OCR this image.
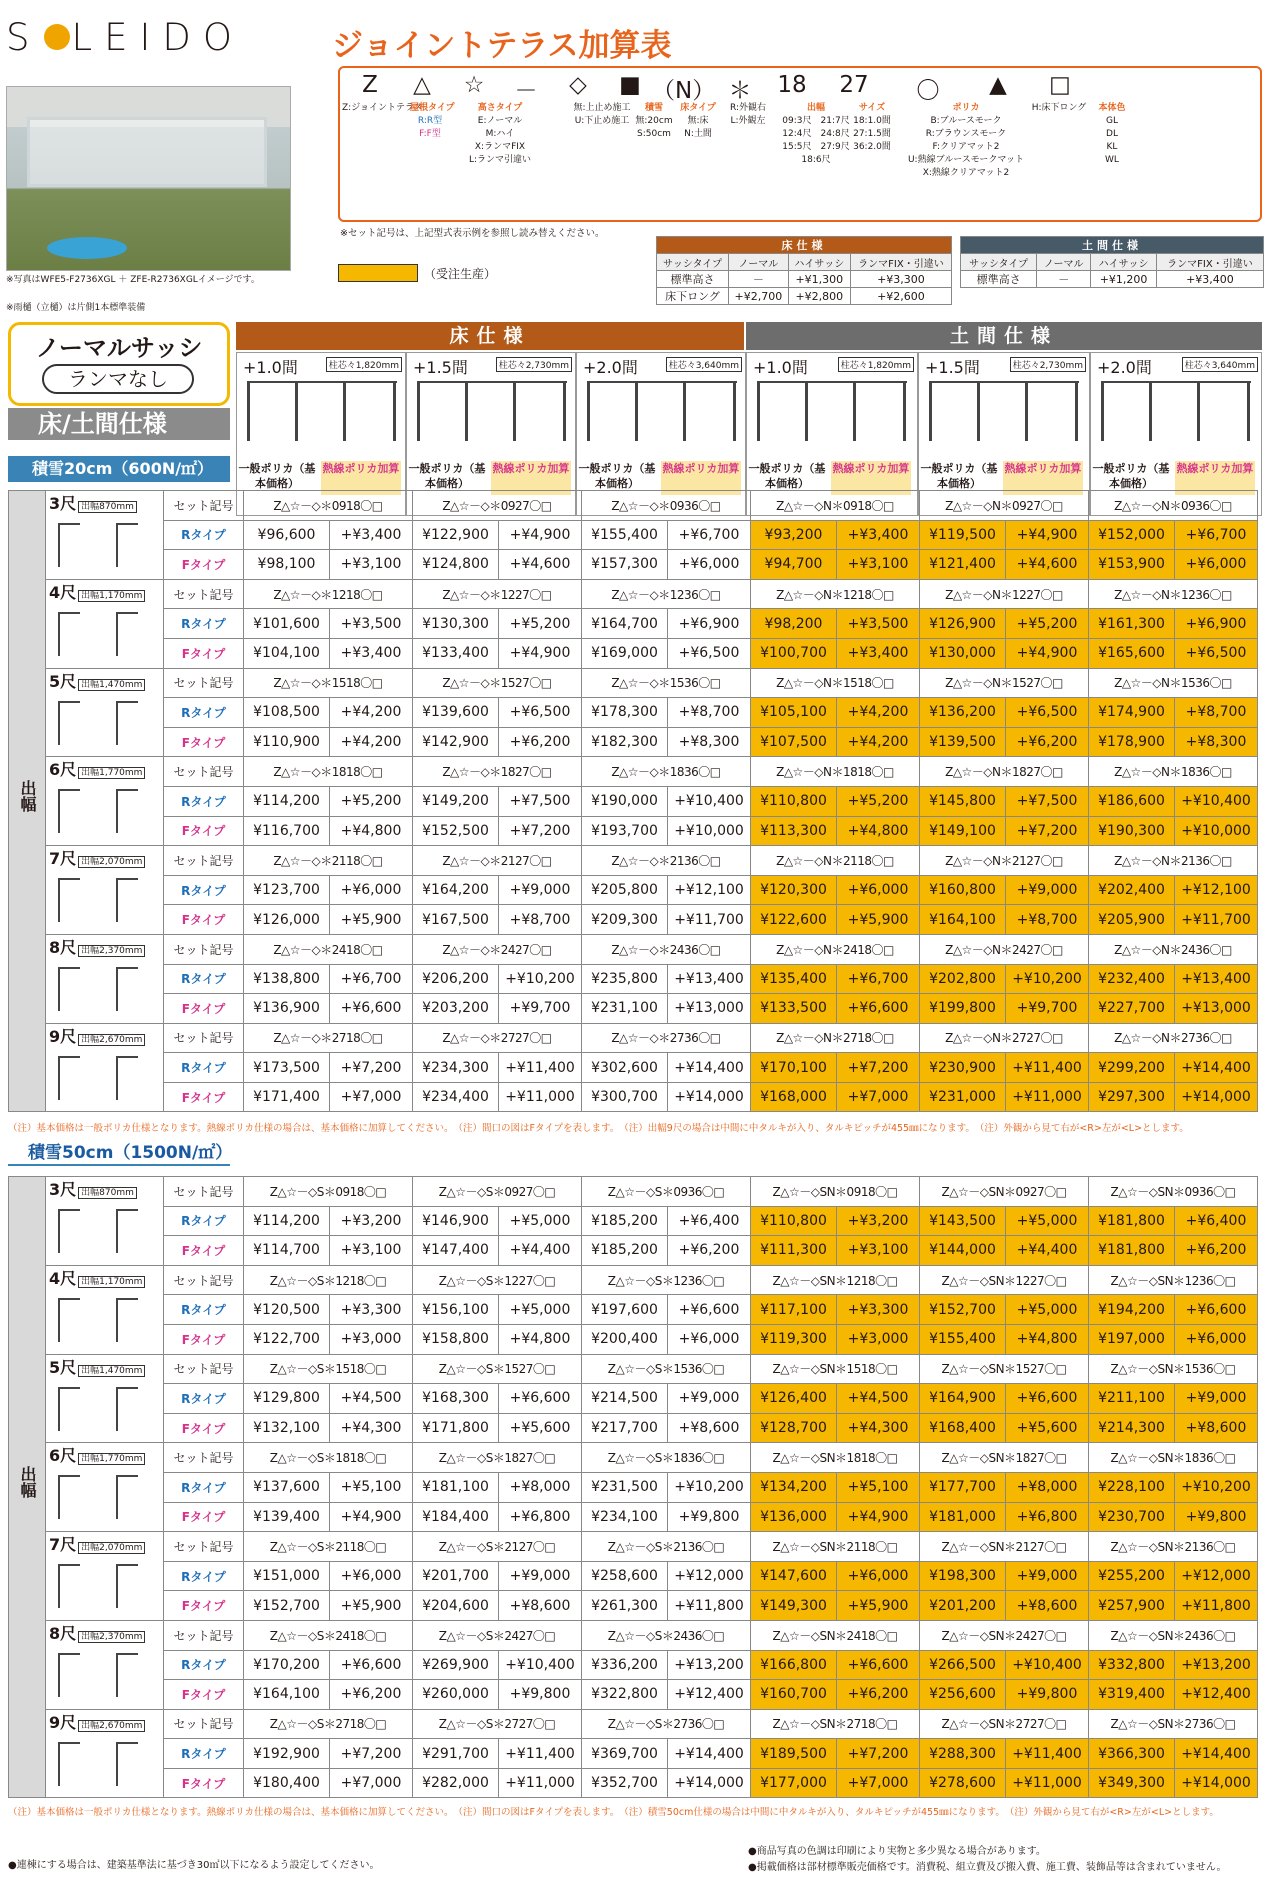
S LEIDO	ジョイントテラス加算表
※写真はWFE5-F2736XGL ＋ ZFE-R2736XGLイメージです。
※雨樋（立樋）は片側1本標準装備
Z	△ ☆ － ◇ ■ （N） ＊ 18 27 〇 ▲ □
Z:ジョイントテラス
屋根タイプ
R:R型
F:F型
高さタイプ
E:ノーマル
M:ハイ
X:ランマFIX
L:ランマ引違い
無:上止め施工
U:下止め施工
積雪
無:20cm
S:50cm
床タイプ
無:床
N:土間
R:外観右
L:外観左
出幅
09:3尺　21:7尺
12:4尺　24:8尺
15:5尺　27:9尺
18:6尺
サイズ
18:1.0間
27:1.5間
36:2.0間
ポリカ
B:ブルースモーク
R:ブラウンスモーク
F:クリアマット2
U:熱線ブルースモークマット
X:熱線クリアマット2
H:床下ロング	本体色
GL
DL
KL
WL
※セット記号は、上記型式表示例を参照し読み替えください。
（受注生産）
床仕様			
サッシタイプ	ノーマル	ハイサッシ	ランマFIX・引違い
標準高さ	－	+¥1,300	+¥3,300
床下ロング	+¥2,700	+¥2,800	+¥2,600
土間仕様			
サッシタイプ	ノーマル	ハイサッシ	ランマFIX・引違い
標準高さ	－	+¥1,200	+¥3,400
ノーマルサッシ
ランマなし
床/土間仕様
床仕様	土間仕様
+1.0間	柱芯々1,820mm
一般ポリカ（基本価格）
熱線ポリカ加算
+1.5間	柱芯々2,730mm
一般ポリカ（基本価格）
熱線ポリカ加算
+2.0間	柱芯々3,640mm
一般ポリカ（基本価格）
熱線ポリカ加算
+1.0間	柱芯々1,820mm
一般ポリカ（基本価格）
熱線ポリカ加算
+1.5間	柱芯々2,730mm
一般ポリカ（基本価格）
熱線ポリカ加算
+2.0間	柱芯々3,640mm
一般ポリカ（基本価格）
熱線ポリカ加算
積雪20cm（600N/㎡）
出幅	3尺 出幅870mm	セット記号	Z△☆－◇＊0918〇□		Z△☆－◇＊0927〇□		Z△☆－◇＊0936〇□		Z△☆－◇N＊0918〇□		Z△☆－◇N＊0927〇□		Z△☆－◇N＊0936〇□	
		Rタイプ	¥96,600	+¥3,400	¥122,900	+¥4,900	¥155,400	+¥6,700	¥93,200	+¥3,400	¥119,500	+¥4,900	¥152,000	+¥6,700
		Fタイプ	¥98,100	+¥3,100	¥124,800	+¥4,600	¥157,300	+¥6,000	¥94,700	+¥3,100	¥121,400	+¥4,600	¥153,900	+¥6,000
	4尺 出幅1,170mm	セット記号	Z△☆－◇＊1218〇□		Z△☆－◇＊1227〇□		Z△☆－◇＊1236〇□		Z△☆－◇N＊1218〇□		Z△☆－◇N＊1227〇□		Z△☆－◇N＊1236〇□	
		Rタイプ	¥101,600	+¥3,500	¥130,300	+¥5,200	¥164,700	+¥6,900	¥98,200	+¥3,500	¥126,900	+¥5,200	¥161,300	+¥6,900
		Fタイプ	¥104,100	+¥3,400	¥133,400	+¥4,900	¥169,000	+¥6,500	¥100,700	+¥3,400	¥130,000	+¥4,900	¥165,600	+¥6,500
	5尺 出幅1,470mm	セット記号	Z△☆－◇＊1518〇□		Z△☆－◇＊1527〇□		Z△☆－◇＊1536〇□		Z△☆－◇N＊1518〇□		Z△☆－◇N＊1527〇□		Z△☆－◇N＊1536〇□	
		Rタイプ	¥108,500	+¥4,200	¥139,600	+¥6,500	¥178,300	+¥8,700	¥105,100	+¥4,200	¥136,200	+¥6,500	¥174,900	+¥8,700
		Fタイプ	¥110,900	+¥4,200	¥142,900	+¥6,200	¥182,300	+¥8,300	¥107,500	+¥4,200	¥139,500	+¥6,200	¥178,900	+¥8,300
	6尺 出幅1,770mm	セット記号	Z△☆－◇＊1818〇□		Z△☆－◇＊1827〇□		Z△☆－◇＊1836〇□		Z△☆－◇N＊1818〇□		Z△☆－◇N＊1827〇□		Z△☆－◇N＊1836〇□	
		Rタイプ	¥114,200	+¥5,200	¥149,200	+¥7,500	¥190,000	+¥10,400	¥110,800	+¥5,200	¥145,800	+¥7,500	¥186,600	+¥10,400
		Fタイプ	¥116,700	+¥4,800	¥152,500	+¥7,200	¥193,700	+¥10,000	¥113,300	+¥4,800	¥149,100	+¥7,200	¥190,300	+¥10,000
	7尺 出幅2,070mm	セット記号	Z△☆－◇＊2118〇□		Z△☆－◇＊2127〇□		Z△☆－◇＊2136〇□		Z△☆－◇N＊2118〇□		Z△☆－◇N＊2127〇□		Z△☆－◇N＊2136〇□	
		Rタイプ	¥123,700	+¥6,000	¥164,200	+¥9,000	¥205,800	+¥12,100	¥120,300	+¥6,000	¥160,800	+¥9,000	¥202,400	+¥12,100
		Fタイプ	¥126,000	+¥5,900	¥167,500	+¥8,700	¥209,300	+¥11,700	¥122,600	+¥5,900	¥164,100	+¥8,700	¥205,900	+¥11,700
	8尺 出幅2,370mm	セット記号	Z△☆－◇＊2418〇□		Z△☆－◇＊2427〇□		Z△☆－◇＊2436〇□		Z△☆－◇N＊2418〇□		Z△☆－◇N＊2427〇□		Z△☆－◇N＊2436〇□	
		Rタイプ	¥138,800	+¥6,700	¥206,200	+¥10,200	¥235,800	+¥13,400	¥135,400	+¥6,700	¥202,800	+¥10,200	¥232,400	+¥13,400
		Fタイプ	¥136,900	+¥6,600	¥203,200	+¥9,700	¥231,100	+¥13,000	¥133,500	+¥6,600	¥199,800	+¥9,700	¥227,700	+¥13,000
	9尺 出幅2,670mm	セット記号	Z△☆－◇＊2718〇□		Z△☆－◇＊2727〇□		Z△☆－◇＊2736〇□		Z△☆－◇N＊2718〇□		Z△☆－◇N＊2727〇□		Z△☆－◇N＊2736〇□	
		Rタイプ	¥173,500	+¥7,200	¥234,300	+¥11,400	¥302,600	+¥14,400	¥170,100	+¥7,200	¥230,900	+¥11,400	¥299,200	+¥14,400
		Fタイプ	¥171,400	+¥7,000	¥234,400	+¥11,000	¥300,700	+¥14,000	¥168,000	+¥7,000	¥231,000	+¥11,000	¥297,300	+¥14,000
（注）基本価格は一般ポリカ仕様となります。熱線ポリカ仕様の場合は、基本価格に加算してください。　（注）間口の図はFタイプを表します。　（注）出幅9尺の場合は中間に中タルキが入り、タルキピッチが455㎜になります。　（注）外観から見て右が<R>左が<L>とします。
積雪50cm（1500N/㎡）
出幅	3尺 出幅870mm	セット記号	Z△☆－◇S＊0918〇□		Z△☆－◇S＊0927〇□		Z△☆－◇S＊0936〇□		Z△☆－◇SN＊0918〇□		Z△☆－◇SN＊0927〇□		Z△☆－◇SN＊0936〇□	
		Rタイプ	¥114,200	+¥3,200	¥146,900	+¥5,000	¥185,200	+¥6,400	¥110,800	+¥3,200	¥143,500	+¥5,000	¥181,800	+¥6,400
		Fタイプ	¥114,700	+¥3,100	¥147,400	+¥4,400	¥185,200	+¥6,200	¥111,300	+¥3,100	¥144,000	+¥4,400	¥181,800	+¥6,200
	4尺 出幅1,170mm	セット記号	Z△☆－◇S＊1218〇□		Z△☆－◇S＊1227〇□		Z△☆－◇S＊1236〇□		Z△☆－◇SN＊1218〇□		Z△☆－◇SN＊1227〇□		Z△☆－◇SN＊1236〇□	
		Rタイプ	¥120,500	+¥3,300	¥156,100	+¥5,000	¥197,600	+¥6,600	¥117,100	+¥3,300	¥152,700	+¥5,000	¥194,200	+¥6,600
		Fタイプ	¥122,700	+¥3,000	¥158,800	+¥4,800	¥200,400	+¥6,000	¥119,300	+¥3,000	¥155,400	+¥4,800	¥197,000	+¥6,000
	5尺 出幅1,470mm	セット記号	Z△☆－◇S＊1518〇□		Z△☆－◇S＊1527〇□		Z△☆－◇S＊1536〇□		Z△☆－◇SN＊1518〇□		Z△☆－◇SN＊1527〇□		Z△☆－◇SN＊1536〇□	
		Rタイプ	¥129,800	+¥4,500	¥168,300	+¥6,600	¥214,500	+¥9,000	¥126,400	+¥4,500	¥164,900	+¥6,600	¥211,100	+¥9,000
		Fタイプ	¥132,100	+¥4,300	¥171,800	+¥5,600	¥217,700	+¥8,600	¥128,700	+¥4,300	¥168,400	+¥5,600	¥214,300	+¥8,600
	6尺 出幅1,770mm	セット記号	Z△☆－◇S＊1818〇□		Z△☆－◇S＊1827〇□		Z△☆－◇S＊1836〇□		Z△☆－◇SN＊1818〇□		Z△☆－◇SN＊1827〇□		Z△☆－◇SN＊1836〇□	
		Rタイプ	¥137,600	+¥5,100	¥181,100	+¥8,000	¥231,500	+¥10,200	¥134,200	+¥5,100	¥177,700	+¥8,000	¥228,100	+¥10,200
		Fタイプ	¥139,400	+¥4,900	¥184,400	+¥6,800	¥234,100	+¥9,800	¥136,000	+¥4,900	¥181,000	+¥6,800	¥230,700	+¥9,800
	7尺 出幅2,070mm	セット記号	Z△☆－◇S＊2118〇□		Z△☆－◇S＊2127〇□		Z△☆－◇S＊2136〇□		Z△☆－◇SN＊2118〇□		Z△☆－◇SN＊2127〇□		Z△☆－◇SN＊2136〇□	
		Rタイプ	¥151,000	+¥6,000	¥201,700	+¥9,000	¥258,600	+¥12,000	¥147,600	+¥6,000	¥198,300	+¥9,000	¥255,200	+¥12,000
		Fタイプ	¥152,700	+¥5,900	¥204,600	+¥8,600	¥261,300	+¥11,800	¥149,300	+¥5,900	¥201,200	+¥8,600	¥257,900	+¥11,800
	8尺 出幅2,370mm	セット記号	Z△☆－◇S＊2418〇□		Z△☆－◇S＊2427〇□		Z△☆－◇S＊2436〇□		Z△☆－◇SN＊2418〇□		Z△☆－◇SN＊2427〇□		Z△☆－◇SN＊2436〇□	
		Rタイプ	¥170,200	+¥6,600	¥269,900	+¥10,400	¥336,200	+¥13,200	¥166,800	+¥6,600	¥266,500	+¥10,400	¥332,800	+¥13,200
		Fタイプ	¥164,100	+¥6,200	¥260,000	+¥9,800	¥322,800	+¥12,400	¥160,700	+¥6,200	¥256,600	+¥9,800	¥319,400	+¥12,400
	9尺 出幅2,670mm	セット記号	Z△☆－◇S＊2718〇□		Z△☆－◇S＊2727〇□		Z△☆－◇S＊2736〇□		Z△☆－◇SN＊2718〇□		Z△☆－◇SN＊2727〇□		Z△☆－◇SN＊2736〇□	
		Rタイプ	¥192,900	+¥7,200	¥291,700	+¥11,400	¥369,700	+¥14,400	¥189,500	+¥7,200	¥288,300	+¥11,400	¥366,300	+¥14,400
		Fタイプ	¥180,400	+¥7,000	¥282,000	+¥11,000	¥352,700	+¥14,000	¥177,000	+¥7,000	¥278,600	+¥11,000	¥349,300	+¥14,000
（注）基本価格は一般ポリカ仕様となります。熱線ポリカ仕様の場合は、基本価格に加算してください。　（注）間口の図はFタイプを表します。　（注）積雪50cm仕様の場合は中間に中タルキが入り、タルキピッチが455㎜になります。　（注）外観から見て右が<R>左が<L>とします。
●連棟にする場合は、建築基準法に基づき30㎡以下になるよう設定してください。
●商品写真の色調は印刷により実物と多少異なる場合があります。
●掲載価格は部材標準販売価格です。消費税、組立費及び搬入費、施工費、装飾品等は含まれていません。
